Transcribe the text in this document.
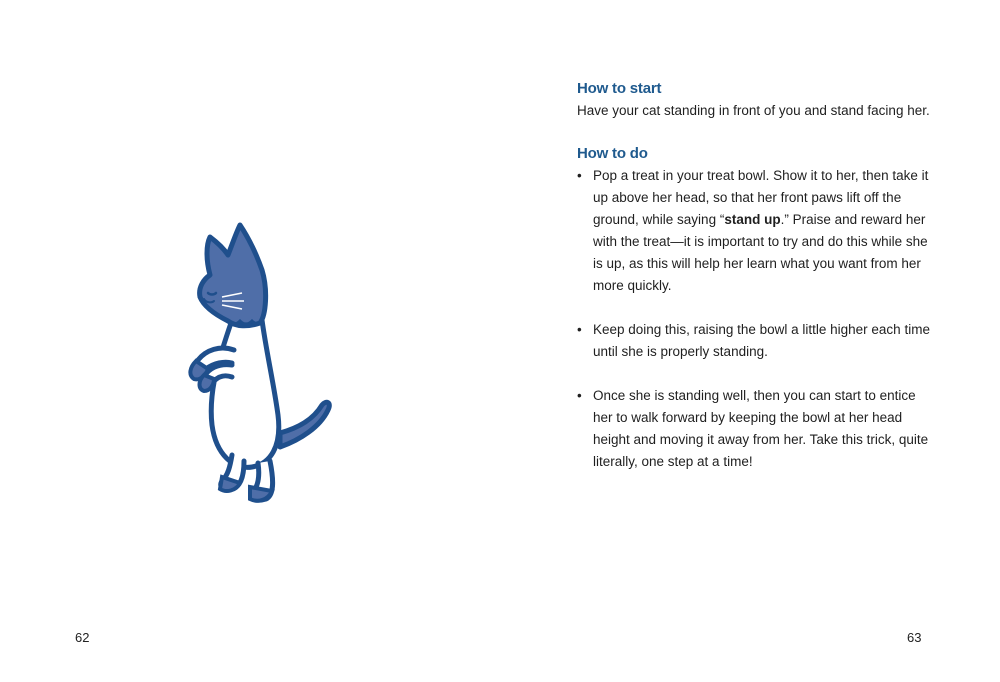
62
How to start

Have your cat standing in front of you and stand facing her.

How to do
• Pop a treat in your treat bowl. Show it to her, then take it up above her head, so that her front paws lift off the ground, while saying “stand up.” Praise and reward her with the treat—it is important to try and do this while she is up, as this will help her learn what you want from her more quickly.
• Keep doing this, raising the bowl a little higher each time until she is properly standing.
• Once she is standing well, then you can start to entice her to walk forward by keeping the bowl at her head height and moving it away from her. Take this trick, quite literally, one step at a time!
63
